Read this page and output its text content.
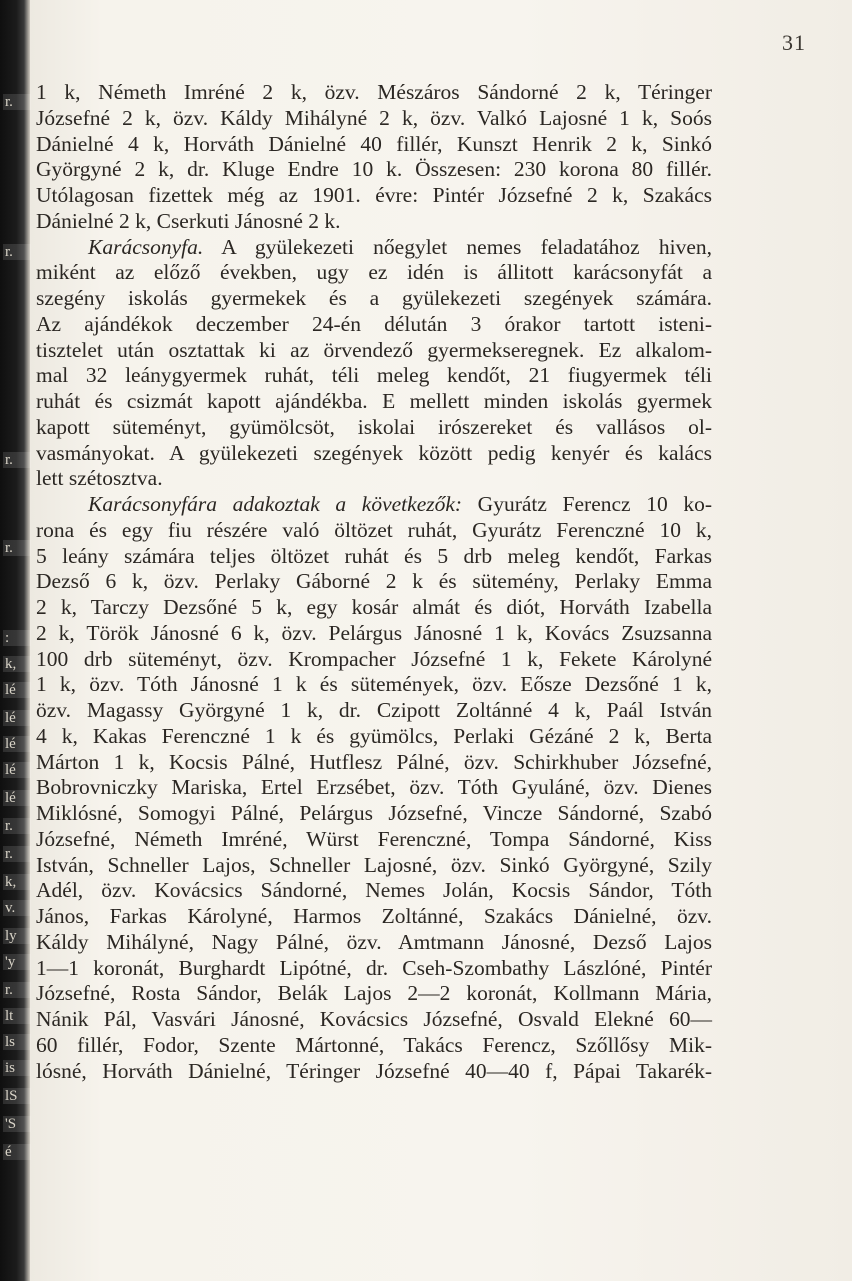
r.
r.
r.
r.
:
k,
lé
lé
lé
lé
lé
r.
r.
k,
v.
ly
'y
r.
lt
ls
is
lS
'S
é
31
1 k, Németh Imréné 2 k, özv. Mészáros Sándorné 2 k, Téringer
Józsefné 2 k, özv. Káldy Mihályné 2 k, özv. Valkó Lajosné 1 k, Soós
Dánielné 4 k, Horváth Dánielné 40 fillér, Kunszt Henrik 2 k, Sinkó
Györgyné 2 k, dr. Kluge Endre 10 k. Összesen: 230 korona 80 fillér.
Utólagosan fizettek még az 1901. évre: Pintér Józsefné 2 k, Szakács
Dánielné 2 k, Cserkuti Jánosné 2 k.
Karácsonyfa. A gyülekezeti nőegylet nemes feladatához hiven,
miként az előző években, ugy ez idén is állitott karácsonyfát a
szegény iskolás gyermekek és a gyülekezeti szegények számára.
Az ajándékok deczember 24-én délután 3 órakor tartott isteni-
tisztelet után osztattak ki az örvendező gyermekseregnek. Ez alkalom-
mal 32 leánygyermek ruhát, téli meleg kendőt, 21 fiugyermek téli
ruhát és csizmát kapott ajándékba. E mellett minden iskolás gyermek
kapott süteményt, gyümölcsöt, iskolai irószereket és vallásos ol-
vasmányokat. A gyülekezeti szegények között pedig kenyér és kalács
lett szétosztva.
Karácsonyfára adakoztak a következők: Gyurátz Ferencz 10 ko-
rona és egy fiu részére való öltözet ruhát, Gyurátz Ferenczné 10 k,
5 leány számára teljes öltözet ruhát és 5 drb meleg kendőt, Farkas
Dezső 6 k, özv. Perlaky Gáborné 2 k és sütemény, Perlaky Emma
2 k, Tarczy Dezsőné 5 k, egy kosár almát és diót, Horváth Izabella
2 k, Török Jánosné 6 k, özv. Pelárgus Jánosné 1 k, Kovács Zsuzsanna
100 drb süteményt, özv. Krompacher Józsefné 1 k, Fekete Károlyné
1 k, özv. Tóth Jánosné 1 k és sütemények, özv. Eősze Dezsőné 1 k,
özv. Magassy Györgyné 1 k, dr. Czipott Zoltánné 4 k, Paál István
4 k, Kakas Ferenczné 1 k és gyümölcs, Perlaki Gézáné 2 k, Berta
Márton 1 k, Kocsis Pálné, Hutflesz Pálné, özv. Schirkhuber Józsefné,
Bobrovniczky Mariska, Ertel Erzsébet, özv. Tóth Gyuláné, özv. Dienes
Miklósné, Somogyi Pálné, Pelárgus Józsefné, Vincze Sándorné, Szabó
Józsefné, Németh Imréné, Würst Ferenczné, Tompa Sándorné, Kiss
István, Schneller Lajos, Schneller Lajosné, özv. Sinkó Györgyné, Szily
Adél, özv. Kovácsics Sándorné, Nemes Jolán, Kocsis Sándor, Tóth
János, Farkas Károlyné, Harmos Zoltánné, Szakács Dánielné, özv.
Káldy Mihályné, Nagy Pálné, özv. Amtmann Jánosné, Dezső Lajos
1—1 koronát, Burghardt Lipótné, dr. Cseh-Szombathy Lászlóné, Pintér
Józsefné, Rosta Sándor, Belák Lajos 2—2 koronát, Kollmann Mária,
Nánik Pál, Vasvári Jánosné, Kovácsics Józsefné, Osvald Elekné 60—
60 fillér, Fodor, Szente Mártonné, Takács Ferencz, Szőllősy Mik-
lósné, Horváth Dánielné, Téringer Józsefné 40—40 f, Pápai Takarék-
